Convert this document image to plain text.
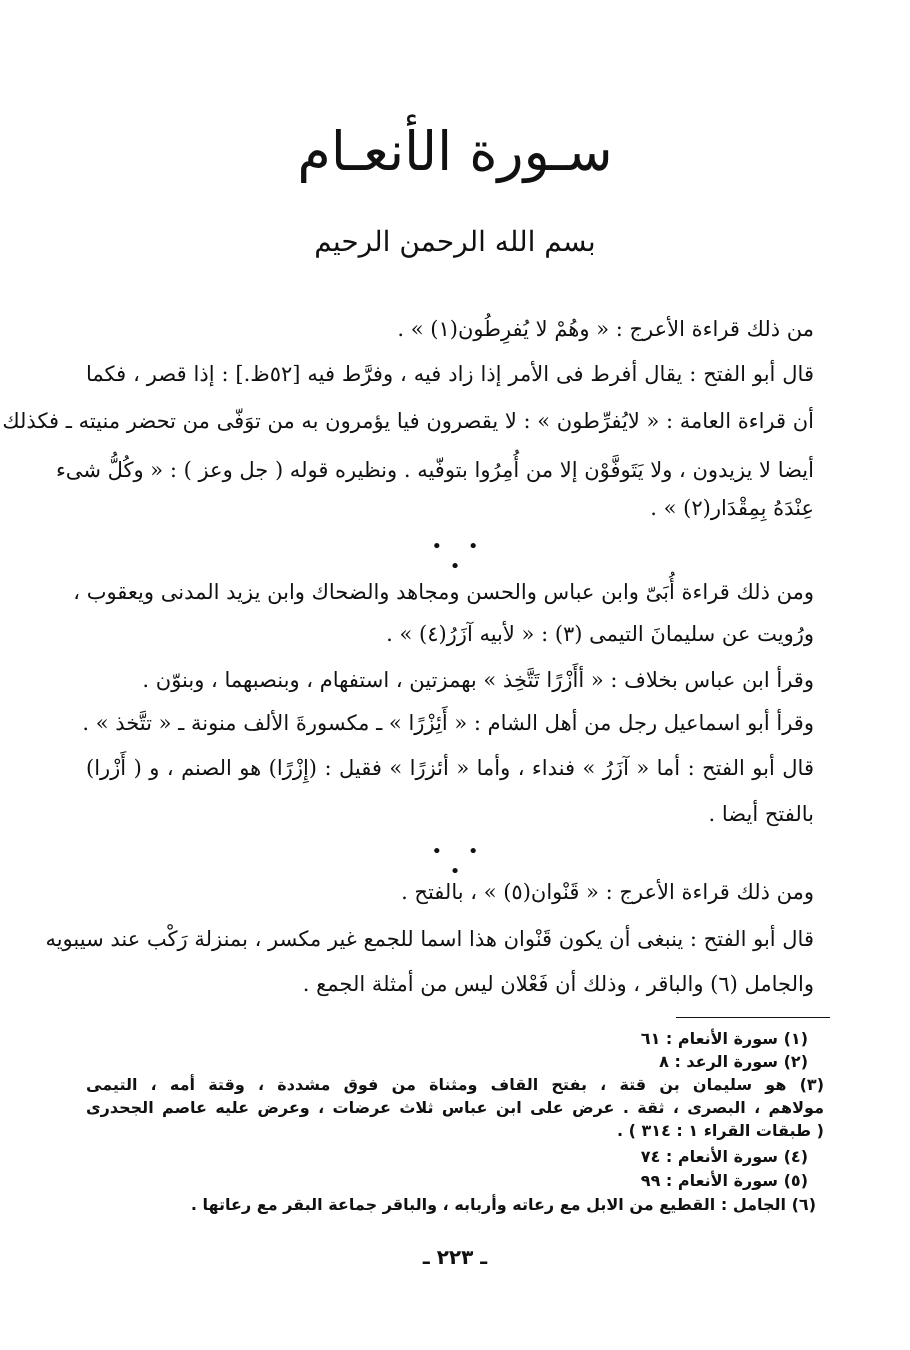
سـورة الأنعـام
بسم الله الرحمن الرحيم
من ذلك قراءة الأعرج : « وهُمْ لا يُفرِطُون(١) » .
قال أبو الفتح : يقال أفرط فى الأمر إذا زاد فيه ، وفرَّط فيه [٥٢ظ.] : إذا قصر ، فكما
أن قراءة العامة : « لايُفرِّطون » : لا يقصرون فيا يؤمرون به من توَفّى من تحضر منيته ـ فكذلك
أيضا لا يزيدون ، ولا يَتَوفَّوْن إلا من أُمِرُوا بتوفّيه . ونظيره قوله ( جل وعز ) : « وكُلُّ شىء
عِنْدَهُ بِمِقْدَار(٢) » .
• • •
ومن ذلك قراءة أُبَىّ وابن عباس والحسن ومجاهد والضحاك وابن يزيد المدنى ويعقوب ،
ورُويت عن سليمانَ التيمى (٣) : « لأبيه آزَرُ(٤) » .
وقرأ ابن عباس بخلاف : « أأَزْرًا تَتَّخِذ » بهمزتين ، استفهام ، وبنصبهما ، وبنوّن .
وقرأ أبو اسماعيل رجل من أهل الشام : « أَئِزْرًا » ـ مكسورةَ الألف منونة ـ « تتَّخذ » .
قال أبو الفتح : أما « آزَرُ » فنداء ، وأما « أئزرًا » فقيل : (إِزْرًا) هو الصنم ، و ( أَزْرا)
بالفتح أيضا .
• • •
ومن ذلك قراءة الأعرج : « قَنْوان(٥) » ، بالفتح .
قال أبو الفتح : ينبغى أن يكون قَنْوان هذا اسما للجمع غير مكسر ، بمنزلة رَكْب عند سيبويه
والجامل (٦) والباقر ، وذلك أن فَعْلان ليس من أمثلة الجمع .
(١) سورة الأنعام : ٦١
(٢) سورة الرعد : ٨
(٣) هو سليمان بن قتة ، بفتح القاف ومثناة من فوق مشددة ، وقتة أمه ، التيمى
مولاهم ، البصرى ، ثقة . عرض على ابن عباس ثلاث عرضات ، وعرض عليه عاصم الجحدرى
( طبقات القراء ١ : ٣١٤ ) .
(٤) سورة الأنعام : ٧٤
(٥) سورة الأنعام : ٩٩
(٦) الجامل : القطيع من الابل مع رعاته وأربابه ، والباقر جماعة البقر مع رعاتها .
ـ ٢٢٣ ـ
